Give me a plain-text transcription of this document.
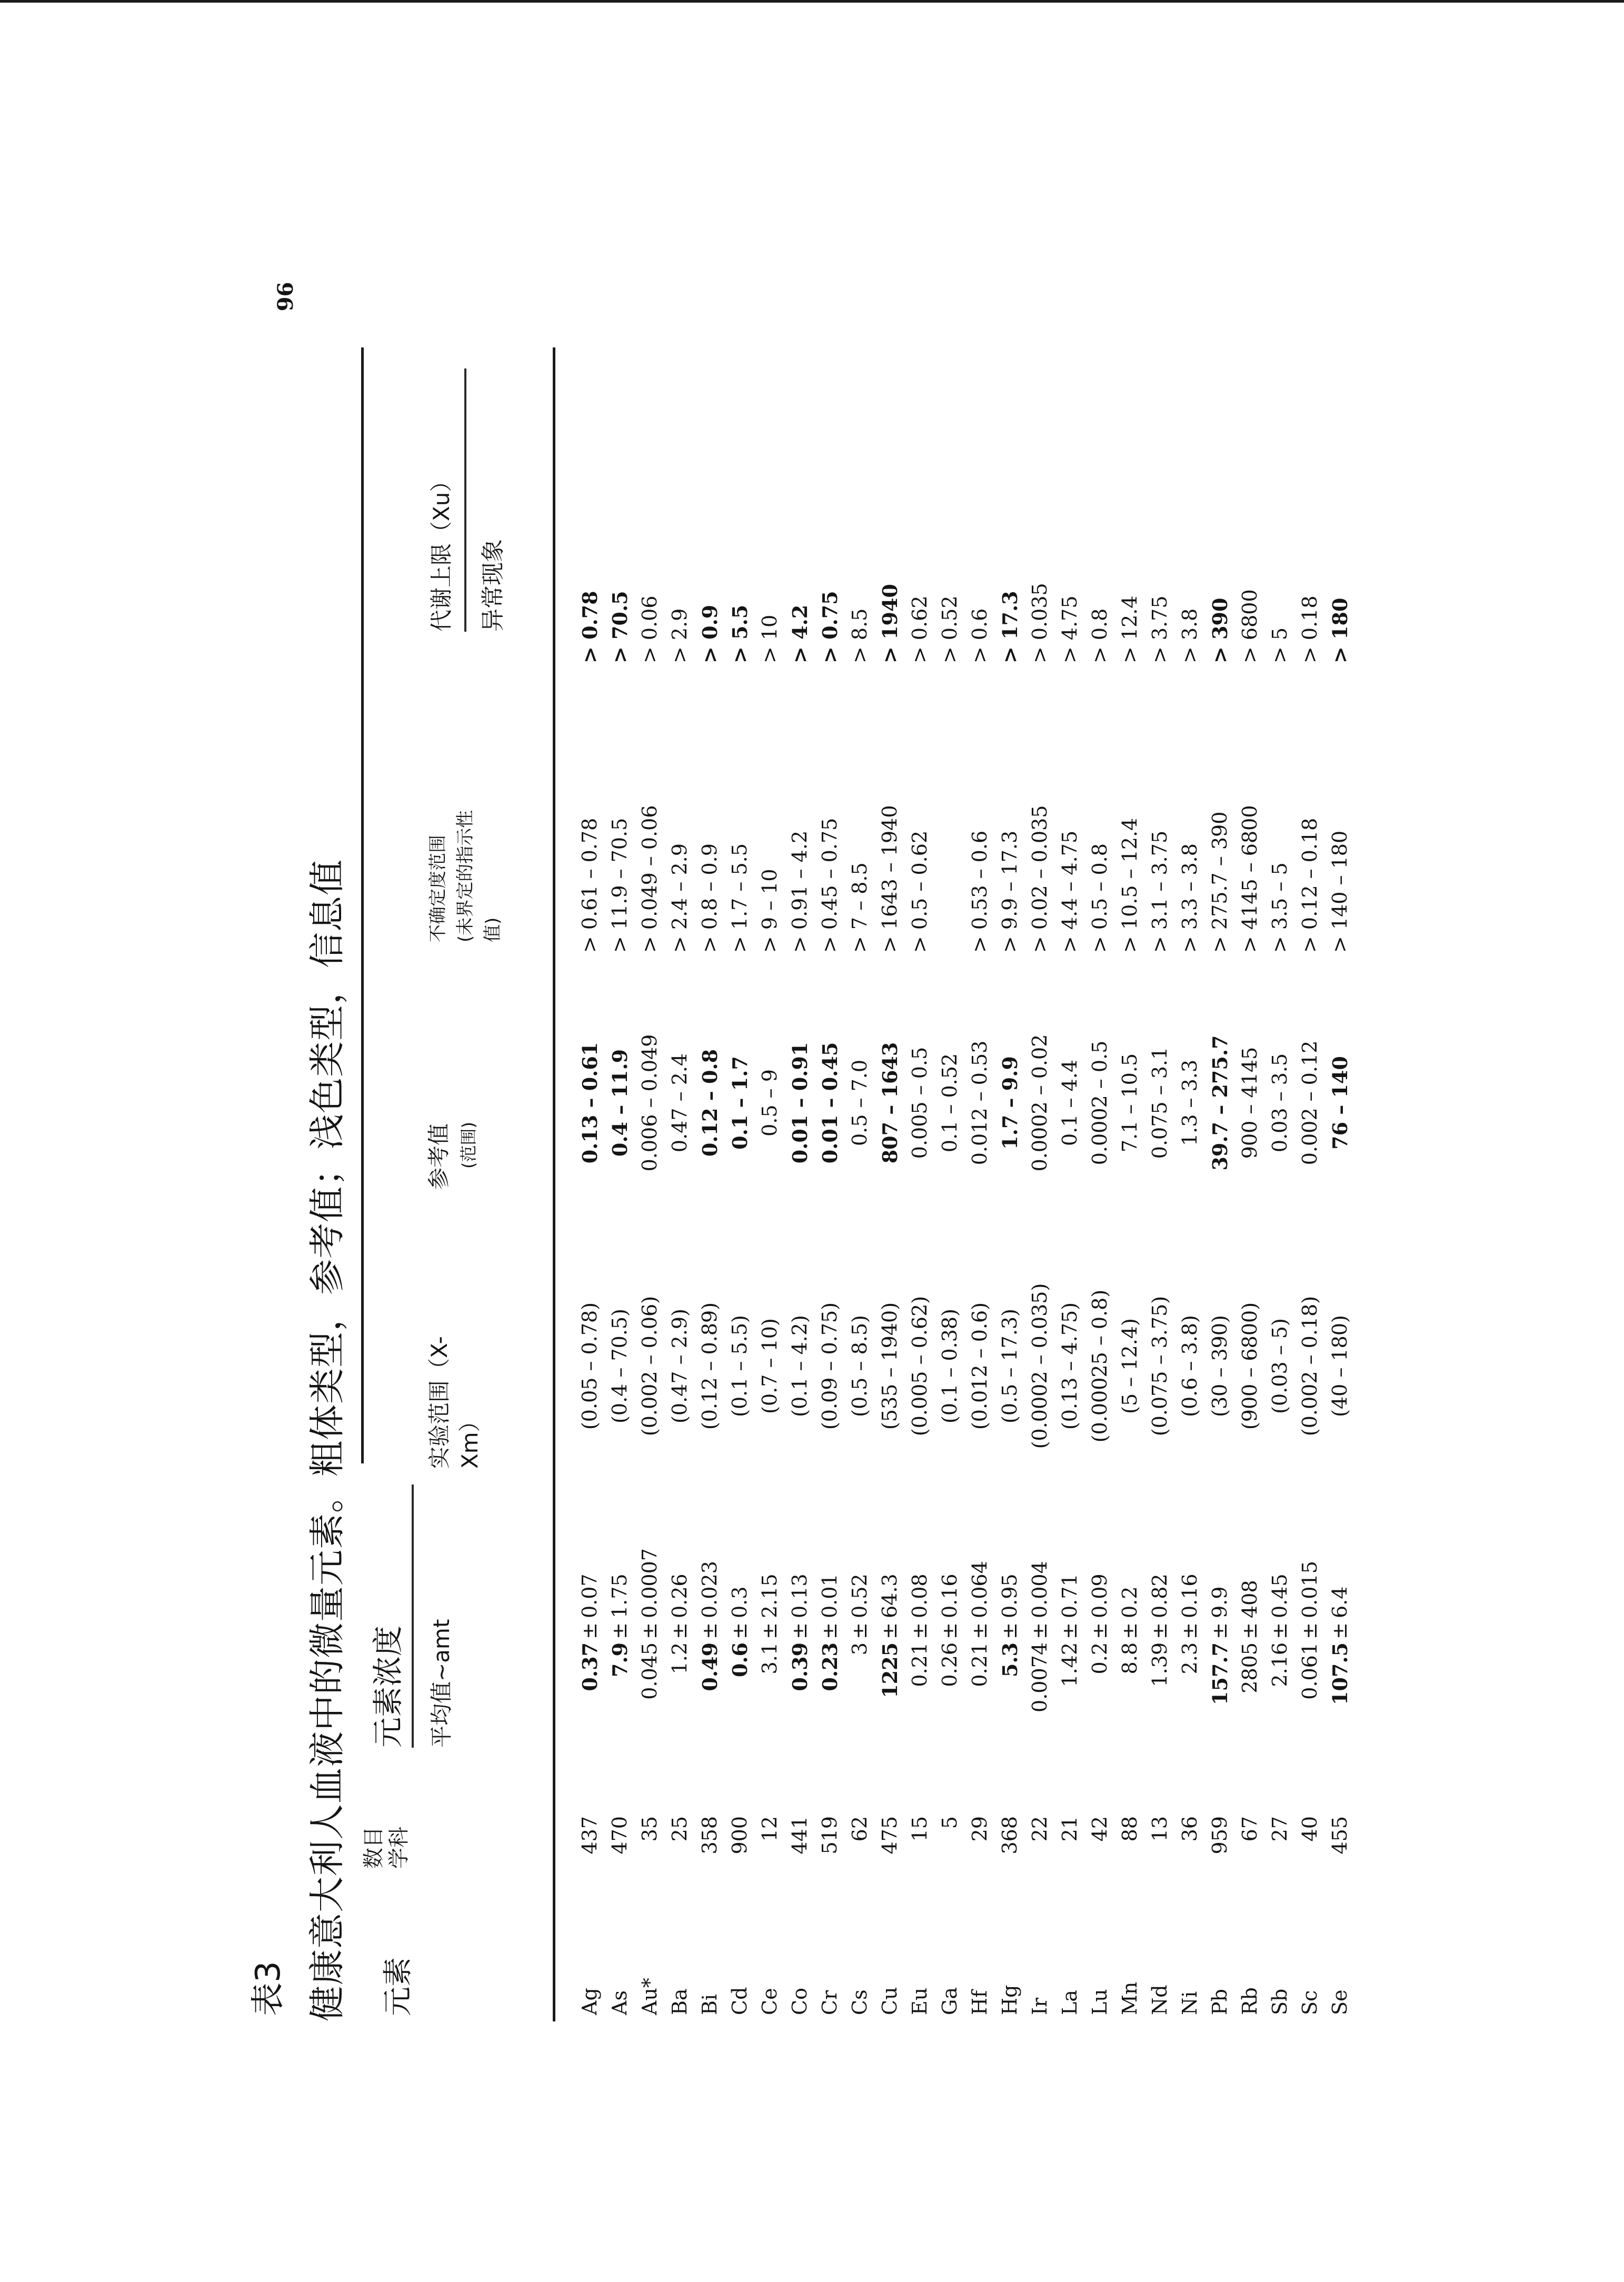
96
表3 健康意大利人血液中的微量元素。粗体类型，参考值；浅色类型，信息值 元素
数目 学科
元素浓度 平均值~amt
实验范围（X- Xm）
参考值 (范围)
不确定度范围 (未界定的指示性 值)
代谢上限（Xu） 异常现象
Ag
437
0.37
±
0.07
(0.05 – 0.78)
0.13 – 0.61
> 0.61 – 0.78
> 0.78
As
470
7.9
±
1.75
(0.4 – 70.5)
0.4 – 11.9
> 11.9 – 70.5
> 70.5
Au*
35
0.045
±
0.0007
(0.002 – 0.06)
0.006 – 0.049
> 0.049 – 0.06
> 0.06
Ba
25
1.2
±
0.26
(0.47 – 2.9)
0.47 – 2.4
> 2.4 – 2.9
> 2.9
Bi
358
0.49
±
0.023
(0.12 – 0.89)
0.12 – 0.8
> 0.8 – 0.9
> 0.9
Cd
900
0.6
±
0.3
(0.1 – 5.5)
0.1 – 1.7
> 1.7 – 5.5
> 5.5
Ce
12
3.1
±
2.15
(0.7 – 10)
0.5 – 9
> 9 – 10
> 10
Co
441
0.39
±
0.13
(0.1 – 4.2)
0.01 – 0.91
> 0.91 – 4.2
> 4.2
Cr
519
0.23
±
0.01
(0.09 – 0.75)
0.01 – 0.45
> 0.45 – 0.75
> 0.75
Cs
62
3
±
0.52
(0.5 – 8.5)
0.5 – 7.0
> 7 – 8.5
> 8.5
Cu
475
1225
±
64.3
(535 – 1940)
807 – 1643
> 1643 – 1940
> 1940
Eu
15
0.21
±
0.08
(0.005 – 0.62)
0.005 – 0.5
> 0.5 – 0.62
> 0.62
Ga
5
0.26
±
0.16
(0.1 – 0.38)
0.1 – 0.52
> 0.52
Hf
29
0.21
±
0.064
(0.012 – 0.6)
0.012 – 0.53
> 0.53 – 0.6
> 0.6
Hg
368
5.3
±
0.95
(0.5 – 17.3)
1.7 – 9.9
> 9.9 – 17.3
> 17.3
Ir
22
0.0074
±
0.004
(0.0002 – 0.035)
0.0002 – 0.02
> 0.02 – 0.035
> 0.035
La
21
1.42
±
0.71
(0.13 – 4.75)
0.1 – 4.4
> 4.4 – 4.75
> 4.75
Lu
42
0.2
±
0.09
(0.00025 – 0.8)
0.0002 – 0.5
> 0.5 – 0.8
> 0.8
Mn
88
8.8
±
0.2
(5 – 12.4)
7.1 – 10.5
> 10.5 – 12.4
> 12.4
Nd
13
1.39
±
0.82
(0.075 – 3.75)
0.075 – 3.1
> 3.1 – 3.75
> 3.75
Ni
36
2.3
±
0.16
(0.6 – 3.8)
1.3 – 3.3
> 3.3 – 3.8
> 3.8
Pb
959
157.7
±
9.9
(30 – 390)
39.7 – 275.7
> 275.7 – 390
> 390
Rb
67
2805
±
408
(900 – 6800)
900 – 4145
> 4145 – 6800
> 6800
Sb
27
2.16
±
0.45
(0.03 – 5)
0.03 – 3.5
> 3.5 – 5
> 5
Sc
40
0.061
±
0.015
(0.002 – 0.18)
0.002 – 0.12
> 0.12 – 0.18
> 0.18
Se
455
107.5
±
6.4
(40 – 180)
76 – 140
> 140 – 180
> 180
